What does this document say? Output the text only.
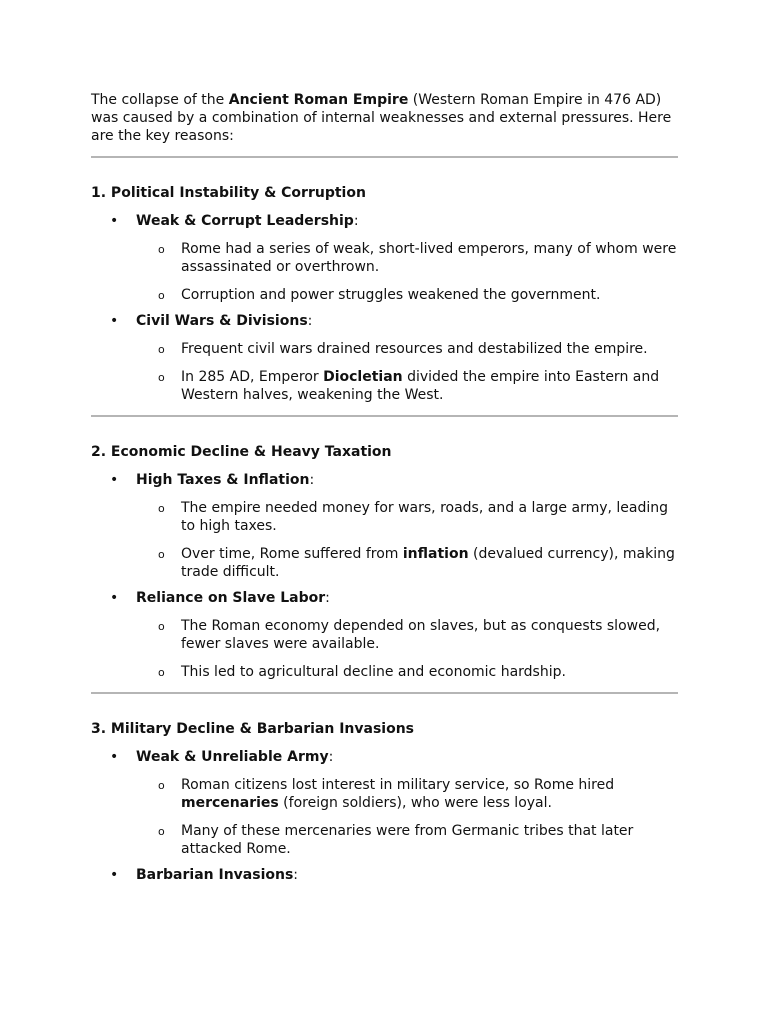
The collapse of the Ancient Roman Empire (Western Roman Empire in 476 AD) was caused by a combination of internal weaknesses and external pressures. Here are the key reasons:

1. Political Instability & Corruption
• Weak & Corrupt Leadership:
o Rome had a series of weak, short-lived emperors, many of whom were assassinated or overthrown.
o Corruption and power struggles weakened the government.
• Civil Wars & Divisions:
o Frequent civil wars drained resources and destabilized the empire.
o In 285 AD, Emperor Diocletian divided the empire into Eastern and Western halves, weakening the West.
2. Economic Decline & Heavy Taxation
• High Taxes & Inflation:
o The empire needed money for wars, roads, and a large army, leading to high taxes.
o Over time, Rome suffered from inflation (devalued currency), making trade difficult.
• Reliance on Slave Labor:
o The Roman economy depended on slaves, but as conquests slowed, fewer slaves were available.
o This led to agricultural decline and economic hardship.
3. Military Decline & Barbarian Invasions
• Weak & Unreliable Army:
o Roman citizens lost interest in military service, so Rome hired mercenaries (foreign soldiers), who were less loyal.
o Many of these mercenaries were from Germanic tribes that later attacked Rome.
• Barbarian Invasions:
